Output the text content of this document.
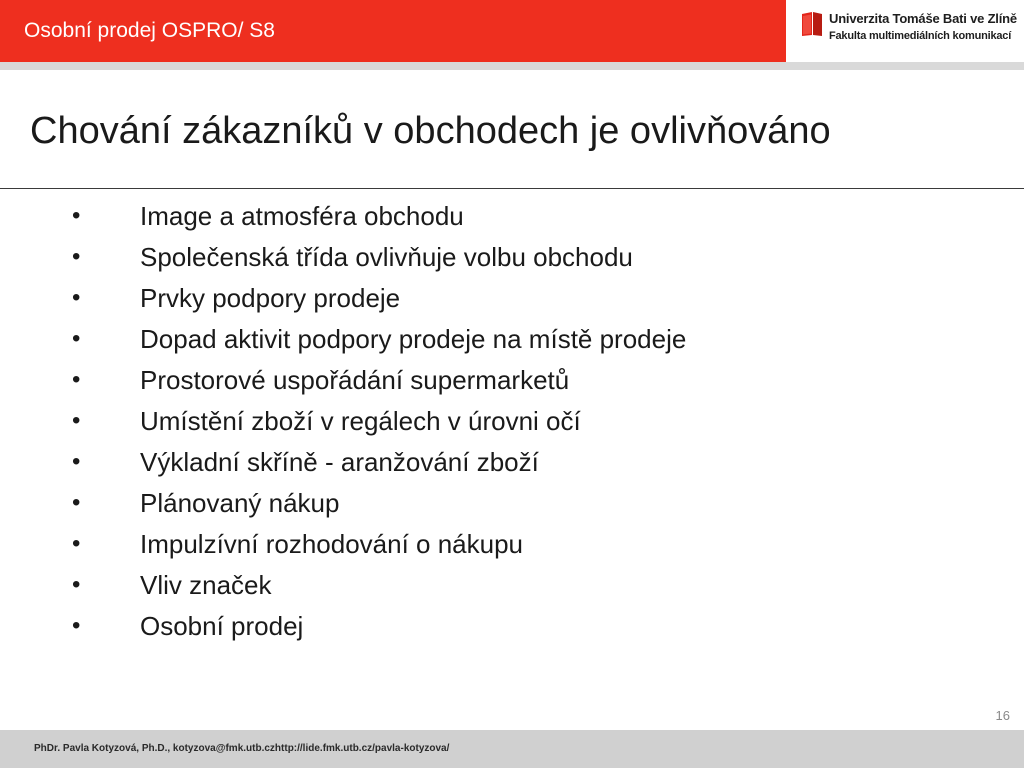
Osobní prodej OSPRO/ S8
Univerzita Tomáše Bati ve Zlíně
Fakulta multimediálních komunikací
Chování zákazníků v obchodech je ovlivňováno
• Image a atmosféra obchodu
• Společenská třída ovlivňuje volbu obchodu
• Prvky podpory prodeje
• Dopad aktivit podpory prodeje na místě prodeje
• Prostorové uspořádání supermarketů
• Umístění zboží v regálech v úrovni očí
• Výkladní skříně - aranžování zboží
• Plánovaný nákup
• Impulzívní rozhodování o nákupu
• Vliv značek
• Osobní prodej
16
PhDr. Pavla Kotyzová, Ph.D., kotyzova@fmk.utb.czhttp://lide.fmk.utb.cz/pavla-kotyzova/
